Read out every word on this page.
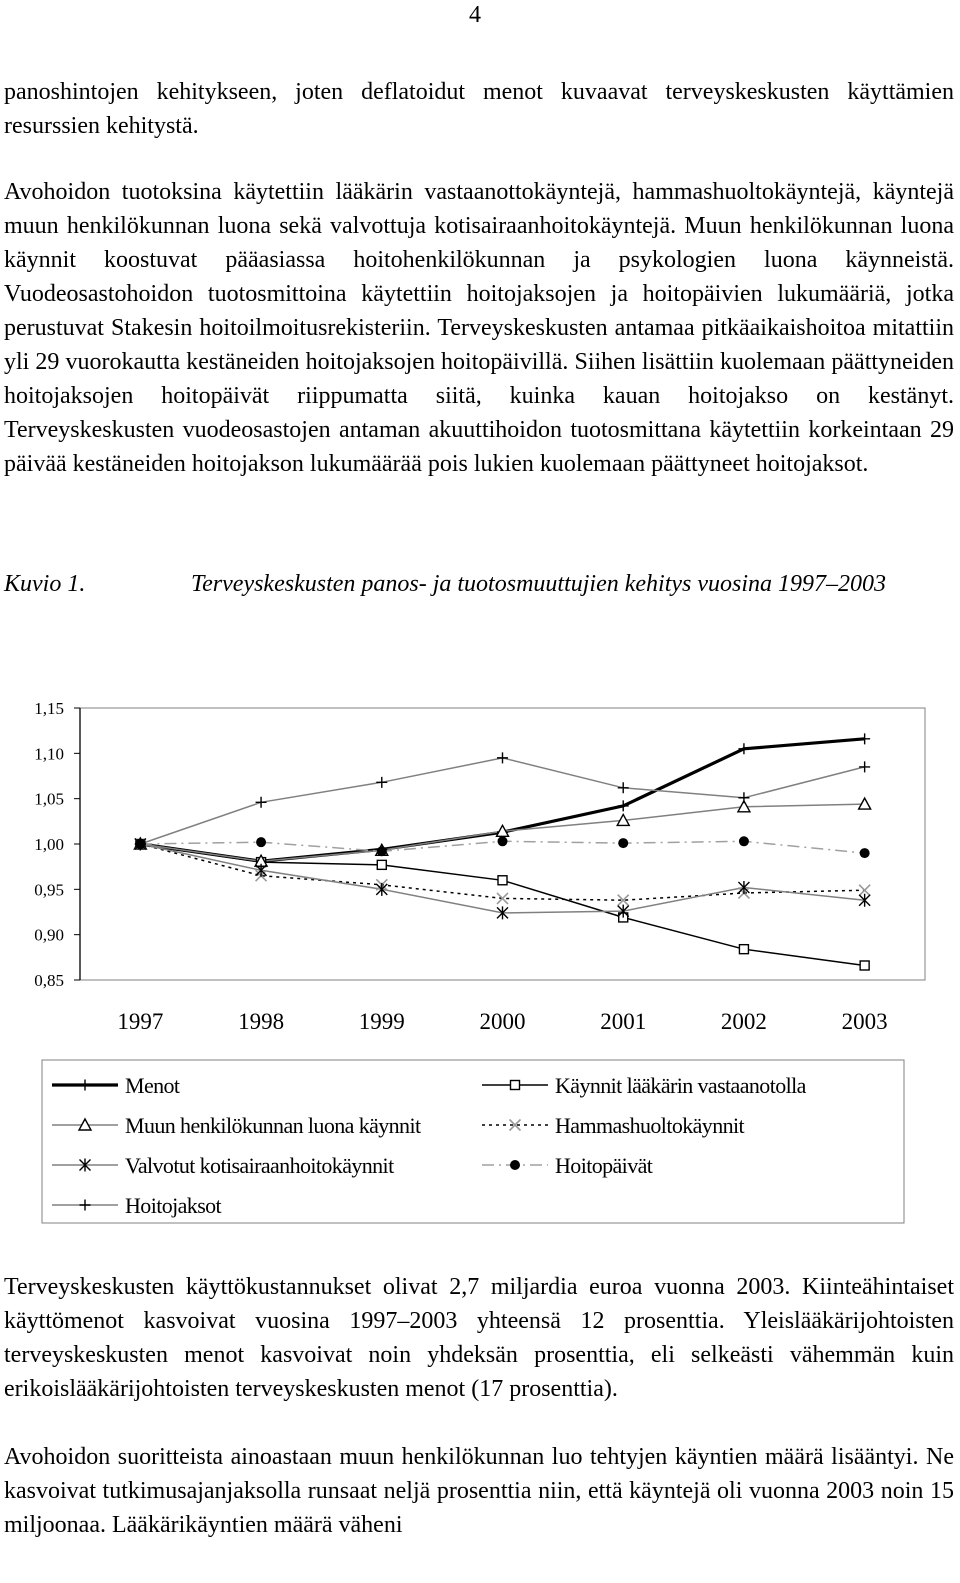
4

panoshintojen kehitykseen, joten deflatoidut menot kuvaavat terveyskeskusten käyttämien resurssien kehitystä.

Avohoidon tuotoksina käytettiin lääkärin vastaanottokäyntejä, hammashuoltokäyntejä, käyntejä muun henkilökunnan luona sekä valvottuja kotisairaanhoitokäyntejä. Muun henkilökunnan luona käynnit koostuvat pääasiassa hoitohenkilökunnan ja psykologien luona käynneistä. Vuodeosastohoidon tuotosmittoina käytettiin hoitojaksojen ja hoitopäivien lukumääriä, jotka perustuvat Stakesin hoitoilmoitusrekisteriin. Terveyskeskusten antamaa pitkäaikaishoitoa mitattiin yli 29 vuorokautta kestäneiden hoitojaksojen hoitopäivillä. Siihen lisättiin kuolemaan päättyneiden hoitojaksojen hoitopäivät riippumatta siitä, kuinka kauan hoitojakso on kestänyt. Terveyskeskusten vuodeosastojen antaman akuuttihoidon tuotosmittana käytettiin korkeintaan 29 päivää kestäneiden hoitojakson lukumäärää pois lukien kuolemaan päättyneet hoitojaksot.

Kuvio 1.	Terveyskeskusten panos- ja tuotosmuuttujien kehitys vuosina 1997–2003
1,15
1,10
1,05
1,00
0,95
0,90
0,85
1997	1998	1999	2000	2001	2002	2003
Menot	Käynnit lääkärin vastaanotolla
Muun henkilökunnan luona käynnit	Hammashuoltokäynnit
Valvotut kotisairaanhoitokäynnit	Hoitopäivät
Hoitojaksot

Terveyskeskusten käyttökustannukset olivat 2,7 miljardia euroa vuonna 2003. Kiinteähintaiset käyttömenot kasvoivat vuosina 1997–2003 yhteensä 12 prosenttia. Yleislääkärijohtoisten terveyskeskusten menot kasvoivat noin yhdeksän prosenttia, eli selkeästi vähemmän kuin erikoislääkärijohtoisten terveyskeskusten menot (17 prosenttia).

Avohoidon suoritteista ainoastaan muun henkilökunnan luo tehtyjen käyntien määrä lisääntyi. Ne kasvoivat tutkimusajanjaksolla runsaat neljä prosenttia niin, että käyntejä oli vuonna 2003 noin 15 miljoonaa. Lääkärikäyntien määrä väheni
